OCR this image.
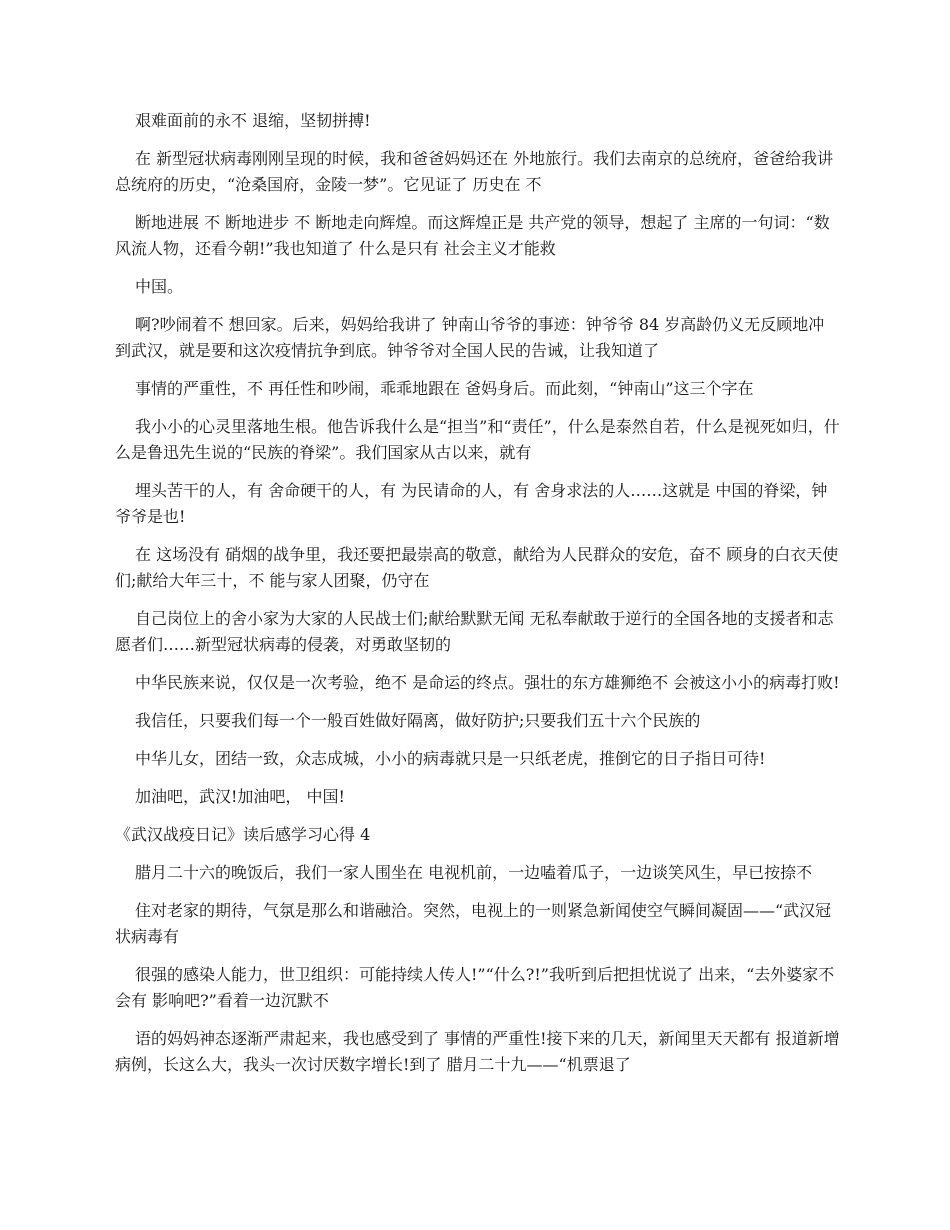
艰难面前的永不 退缩，坚韧拼搏!

在 新型冠状病毒刚刚呈现的时候，我和爸爸妈妈还在 外地旅行。我们去南京的总统府，爸爸给我讲总统府的历史，“沧桑国府，金陵一梦”。它见证了 历史在 不

断地进展 不 断地进步 不 断地走向辉煌。而这辉煌正是 共产党的领导，想起了 主席的一句词：“数风流人物，还看今朝!”我也知道了 什么是只有 社会主义才能救

中国。

啊?吵闹着不 想回家。后来，妈妈给我讲了 钟南山爷爷的事迹：钟爷爷 84 岁高龄仍义无反顾地冲到武汉，就是要和这次疫情抗争到底。钟爷爷对全国人民的告诫，让我知道了

事情的严重性，不 再任性和吵闹，乖乖地跟在 爸妈身后。而此刻，“钟南山”这三个字在

我小小的心灵里落地生根。他告诉我什么是“担当”和“责任”，什么是泰然自若，什么是视死如归，什么是鲁迅先生说的“民族的脊梁”。我们国家从古以来，就有

埋头苦干的人，有 舍命硬干的人，有 为民请命的人，有 舍身求法的人……这就是 中国的脊梁，钟爷爷是也!

在 这场没有 硝烟的战争里，我还要把最崇高的敬意，献给为人民群众的安危，奋不 顾身的白衣天使们;献给大年三十，不 能与家人团聚，仍守在

自己岗位上的舍小家为大家的人民战士们;献给默默无闻 无私奉献敢于逆行的全国各地的支援者和志愿者们……新型冠状病毒的侵袭，对勇敢坚韧的

中华民族来说，仅仅是一次考验，绝不 是命运的终点。强壮的东方雄狮绝不 会被这小小的病毒打败!

我信任，只要我们每一个一般百姓做好隔离，做好防护;只要我们五十六个民族的

中华儿女，团结一致，众志成城，小小的病毒就只是一只纸老虎，推倒它的日子指日可待!

加油吧，武汉!加油吧， 中国!

《武汉战疫日记》读后感学习心得 4

腊月二十六的晚饭后，我们一家人围坐在 电视机前，一边嗑着瓜子，一边谈笑风生，早已按捺不

住对老家的期待，气氛是那么和谐融洽。突然，电视上的一则紧急新闻使空气瞬间凝固——“武汉冠状病毒有

很强的感染人能力，世卫组织：可能持续人传人!”“什么?!”我听到后把担忧说了 出来，“去外婆家不 会有 影响吧?”看着一边沉默不

语的妈妈神态逐渐严肃起来，我也感受到了 事情的严重性!接下来的几天，新闻里天天都有 报道新增病例，长这么大，我头一次讨厌数字增长!到了 腊月二十九——“机票退了
